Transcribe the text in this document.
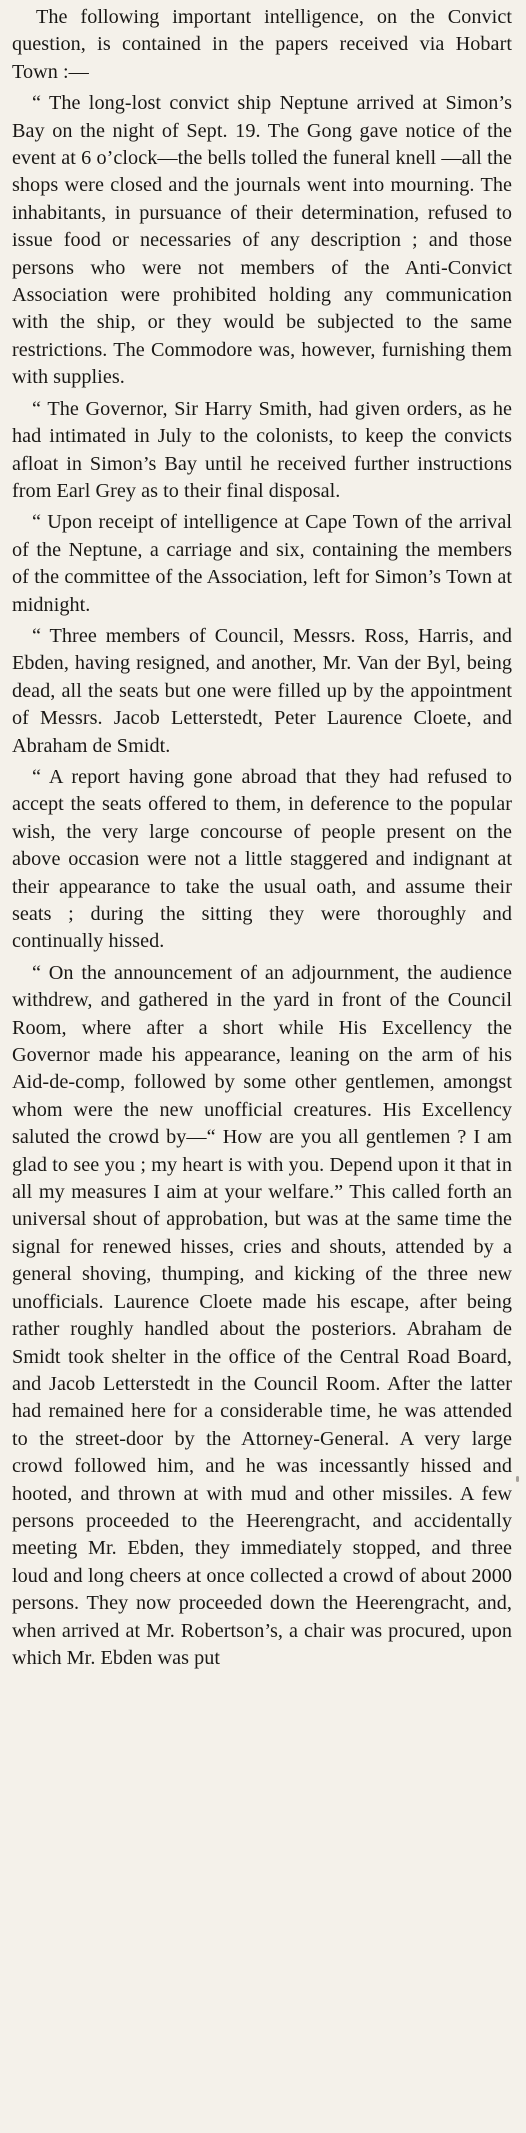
The following important intelligence, on the Convict question, is contained in the papers received via Hobart Town :—

“ The long-lost convict ship Neptune arrived at Simon’s Bay on the night of Sept. 19. The Gong gave notice of the event at 6 o’clock—the bells tolled the funeral knell —all the shops were closed and the journals went into mourning. The inhabitants, in pursuance of their determination, refused to issue food or necessaries of any description ; and those persons who were not members of the Anti-Convict Association were prohibited holding any communication with the ship, or they would be subjected to the same restrictions. The Commodore was, however, furnishing them with supplies.

“ The Governor, Sir Harry Smith, had given orders, as he had intimated in July to the colonists, to keep the convicts afloat in Simon’s Bay until he received further instructions from Earl Grey as to their final disposal.

“ Upon receipt of intelligence at Cape Town of the arrival of the Neptune, a carriage and six, containing the members of the committee of the Association, left for Simon’s Town at midnight.

“ Three members of Council, Messrs. Ross, Harris, and Ebden, having resigned, and another, Mr. Van der Byl, being dead, all the seats but one were filled up by the appointment of Messrs. Jacob Letterstedt, Peter Laurence Cloete, and Abraham de Smidt.

“ A report having gone abroad that they had refused to accept the seats offered to them, in deference to the popular wish, the very large concourse of people present on the above occasion were not a little staggered and indignant at their appearance to take the usual oath, and assume their seats ; during the sitting they were thoroughly and continually hissed.

“ On the announcement of an adjournment, the audience withdrew, and gathered in the yard in front of the Council Room, where after a short while His Excellency the Governor made his appearance, leaning on the arm of his Aid-de-comp, followed by some other gentlemen, amongst whom were the new unofficial creatures. His Excellency saluted the crowd by—“ How are you all gentlemen ? I am glad to see you ; my heart is with you. Depend upon it that in all my measures I aim at your welfare.” This called forth an universal shout of approbation, but was at the same time the signal for renewed hisses, cries and shouts, attended by a general shoving, thumping, and kicking of the three new unofficials. Laurence Cloete made his escape, after being rather roughly handled about the posteriors. Abraham de Smidt took shelter in the office of the Central Road Board, and Jacob Letterstedt in the Council Room. After the latter had remained here for a considerable time, he was attended to the street-door by the Attorney-General. A very large crowd followed him, and he was incessantly hissed and hooted, and thrown at with mud and other missiles. A few persons proceeded to the Heerengracht, and accidentally meeting Mr. Ebden, they immediately stopped, and three loud and long cheers at once collected a crowd of about 2000 persons. They now proceeded down the Heerengracht, and, when arrived at Mr. Robertson’s, a chair was procured, upon which Mr. Ebden was put
